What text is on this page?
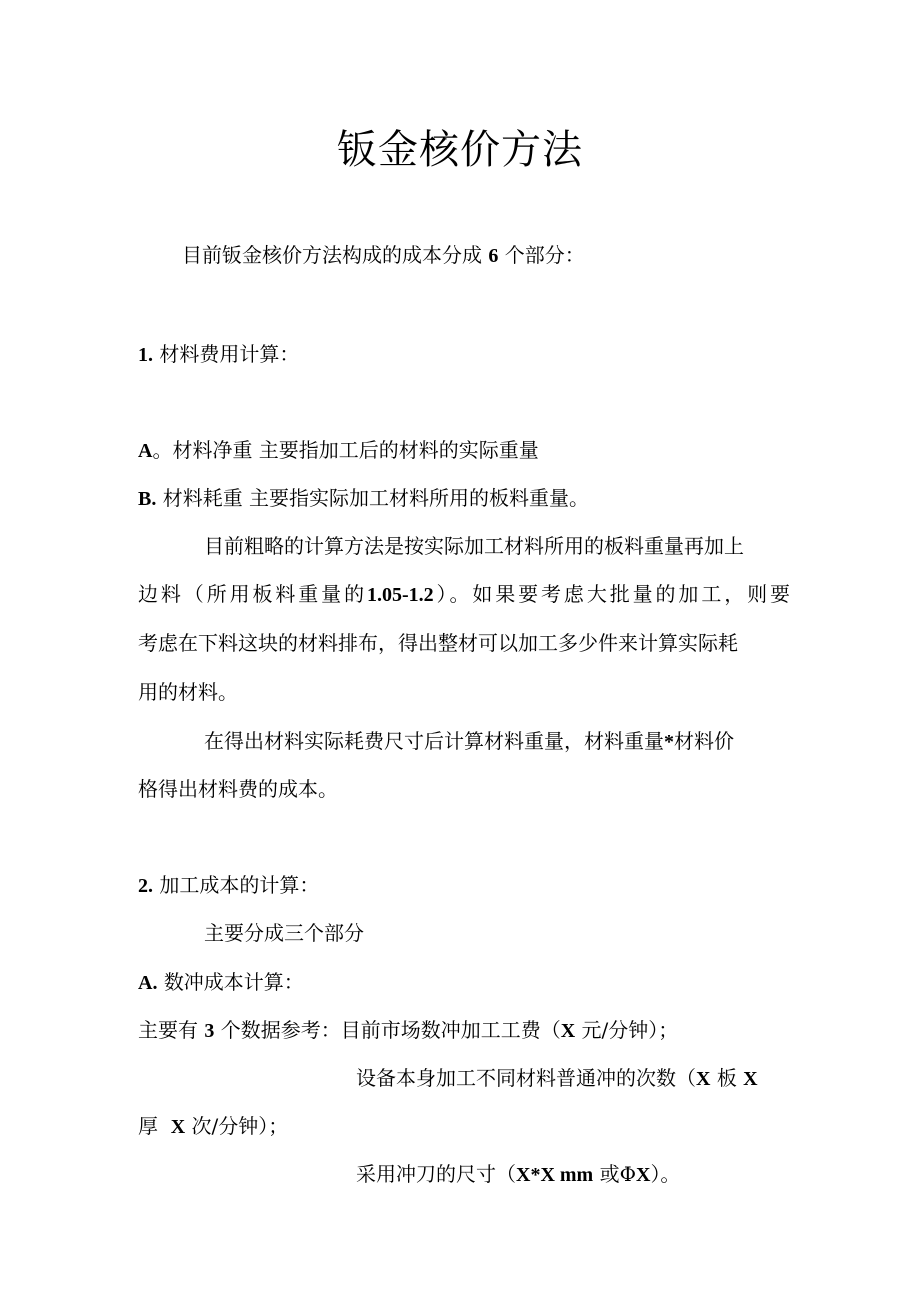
钣金核价方法
目前钣金核价方法构成的成本分成 6 个部分：
1. 材料费用计算：
A。材料净重 主要指加工后的材料的实际重量
B. 材料耗重 主要指实际加工材料所用的板料重量。
目前粗略的计算方法是按实际加工材料所用的板料重量再加上
边料（所用板料重量的1.05-1.2）。如果要考虑大批量的加工，则要
考虑在下料这块的材料排布，得出整材可以加工多少件来计算实际耗
用的材料。
在得出材料实际耗费尺寸后计算材料重量，材料重量*材料价
格得出材料费的成本。
2. 加工成本的计算：
主要分成三个部分
A. 数冲成本计算：
主要有 3 个数据参考：目前市场数冲加工工费（X 元/分钟）；
设备本身加工不同材料普通冲的次数（X 板 X
厚 X 次/分钟）；
采用冲刀的尺寸（X*X mm 或ΦX）。
